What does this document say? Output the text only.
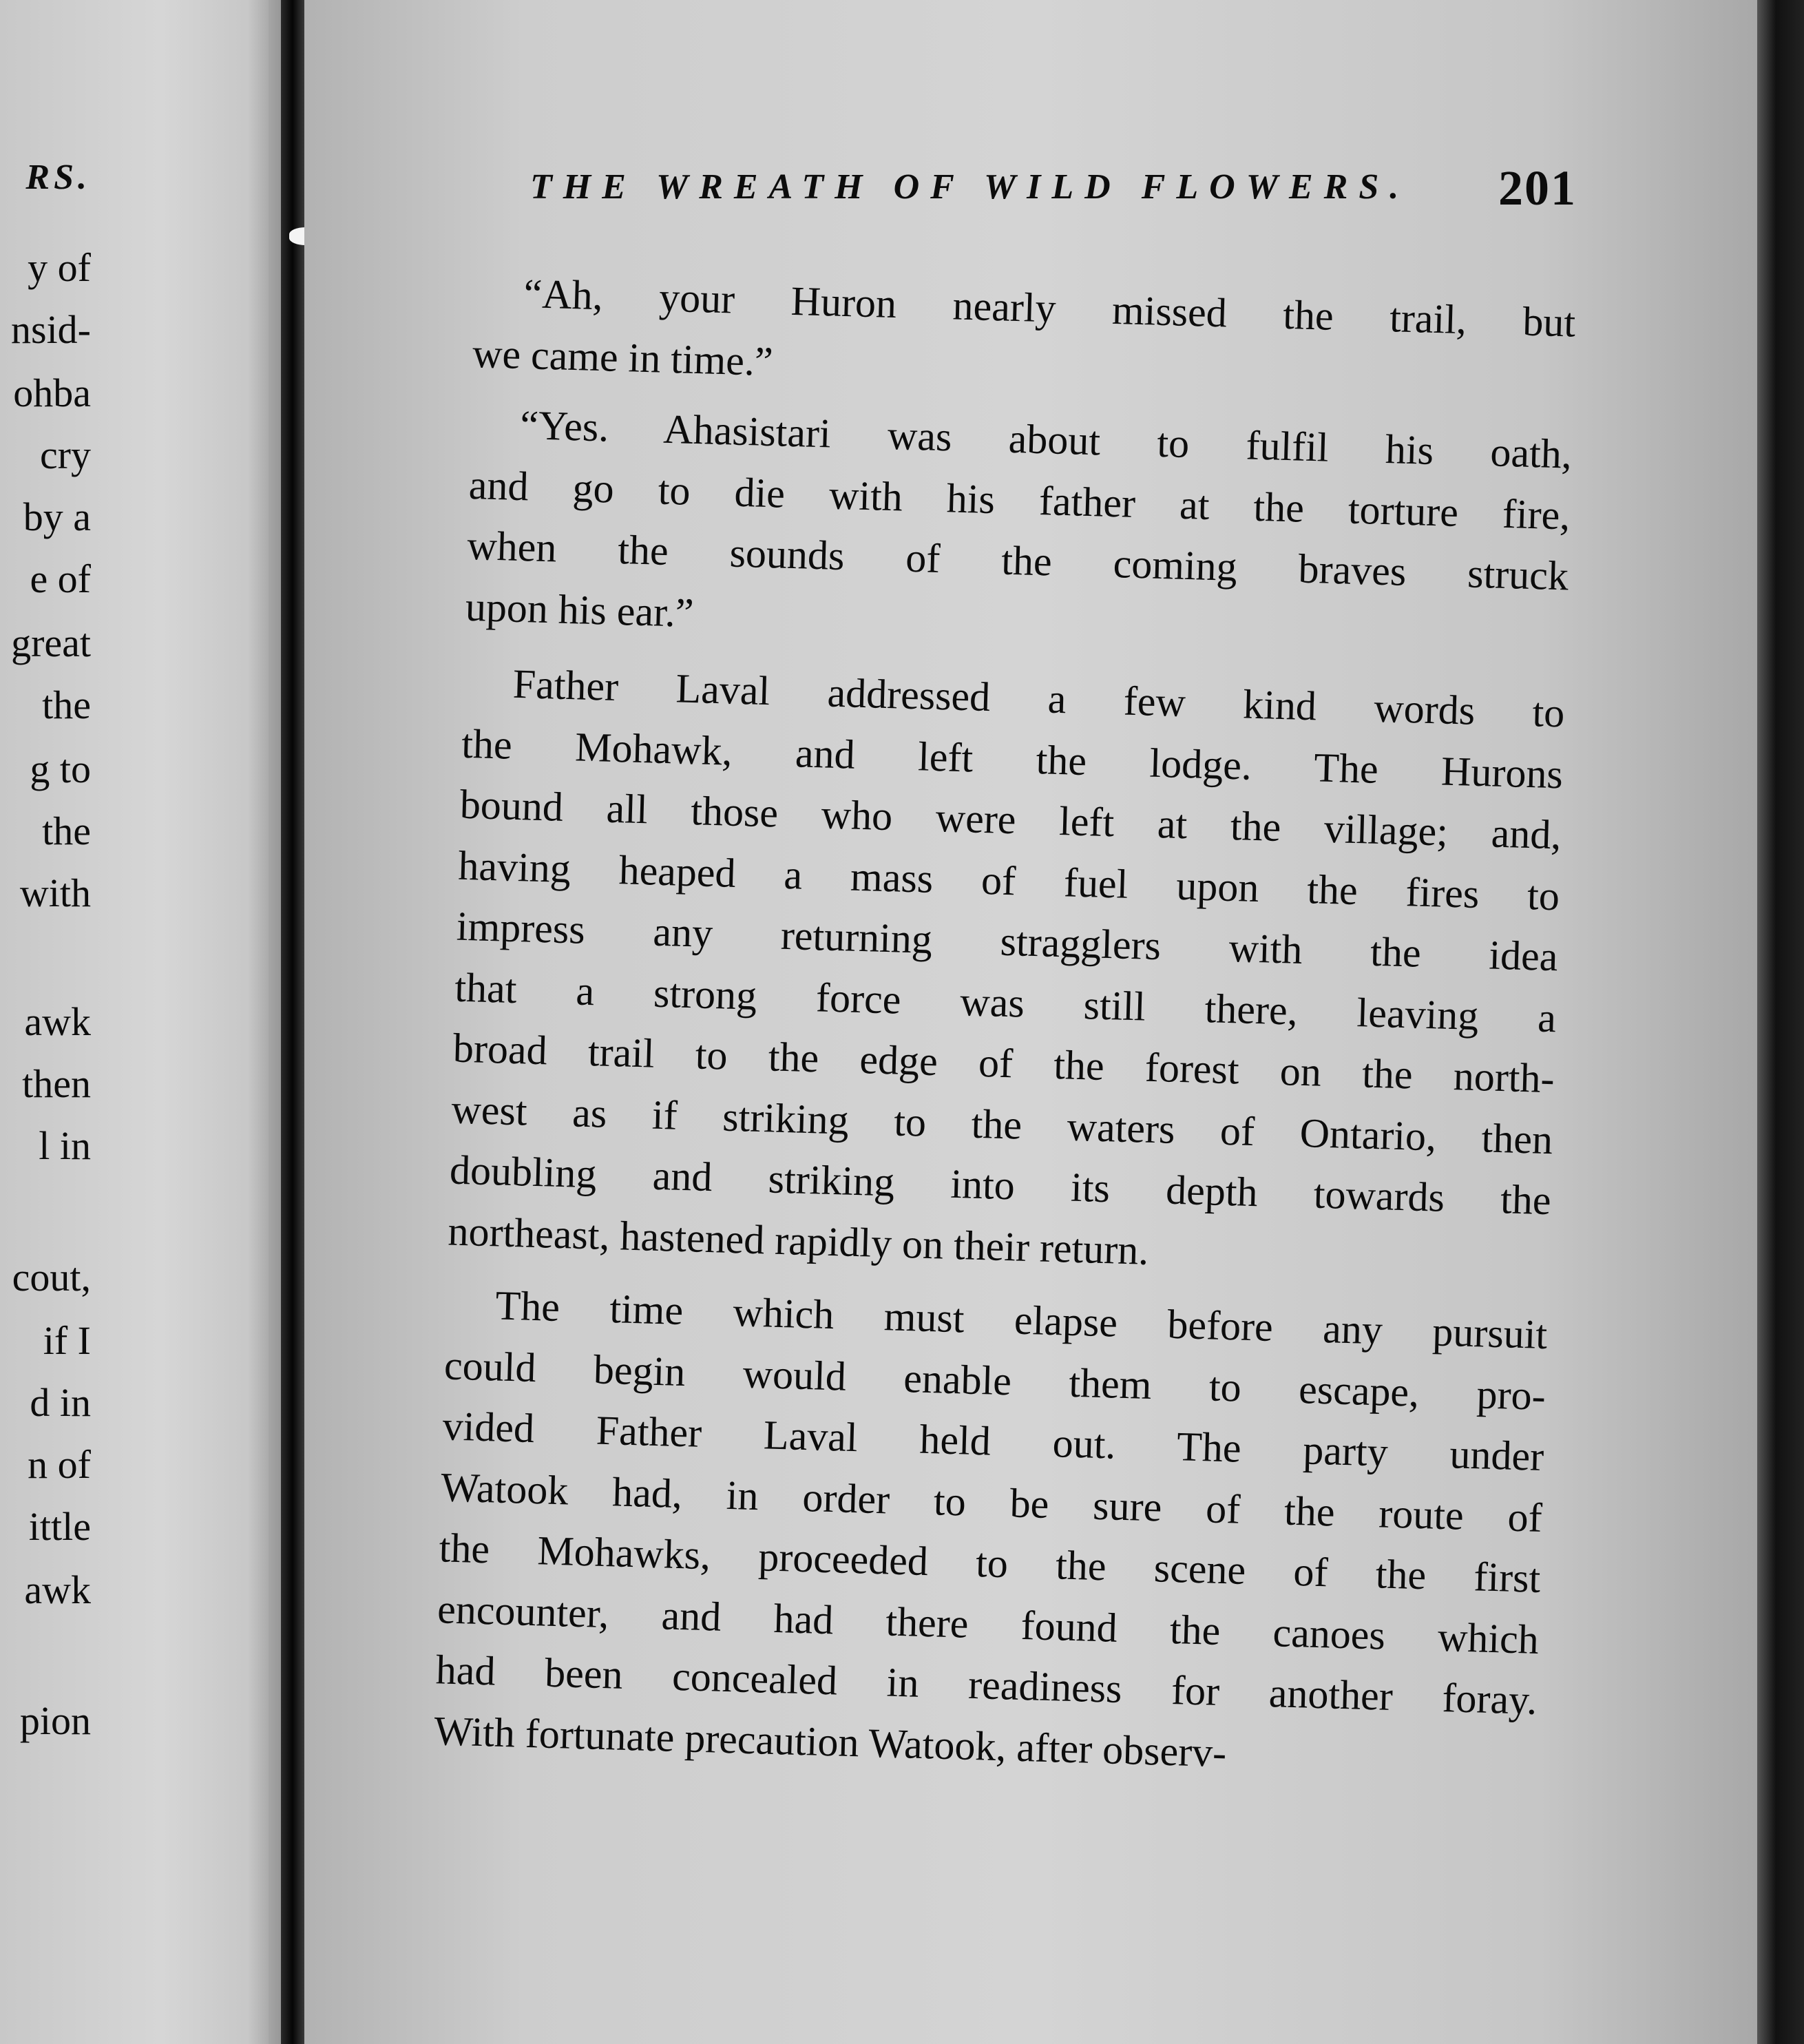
RS.
y of
nsid-
ohba
cry
by a
e of
great
the
g to
the
with
awk
then
l in
cout,
if I
d in
n of
ittle
awk
pion
THE WREATH OF WILD FLOWERS. 201
“Ah, your Huron nearly missed the trail, but
we came in time.”
“Yes. Ahasistari was about to fulfil his oath,
and go to die with his father at the torture fire,
when the sounds of the coming braves struck
upon his ear.”
Father Laval addressed a few kind words to
the Mohawk, and left the lodge. The Hurons
bound all those who were left at the village; and,
having heaped a mass of fuel upon the fires to
impress any returning stragglers with the idea
that a strong force was still there, leaving a
broad trail to the edge of the forest on the north-
west as if striking to the waters of Ontario, then
doubling and striking into its depth towards the
northeast, hastened rapidly on their return.
The time which must elapse before any pursuit
could begin would enable them to escape, pro-
vided Father Laval held out. The party under
Watook had, in order to be sure of the route of
the Mohawks, proceeded to the scene of the first
encounter, and had there found the canoes which
had been concealed in readiness for another foray.
With fortunate precaution Watook, after observ-
